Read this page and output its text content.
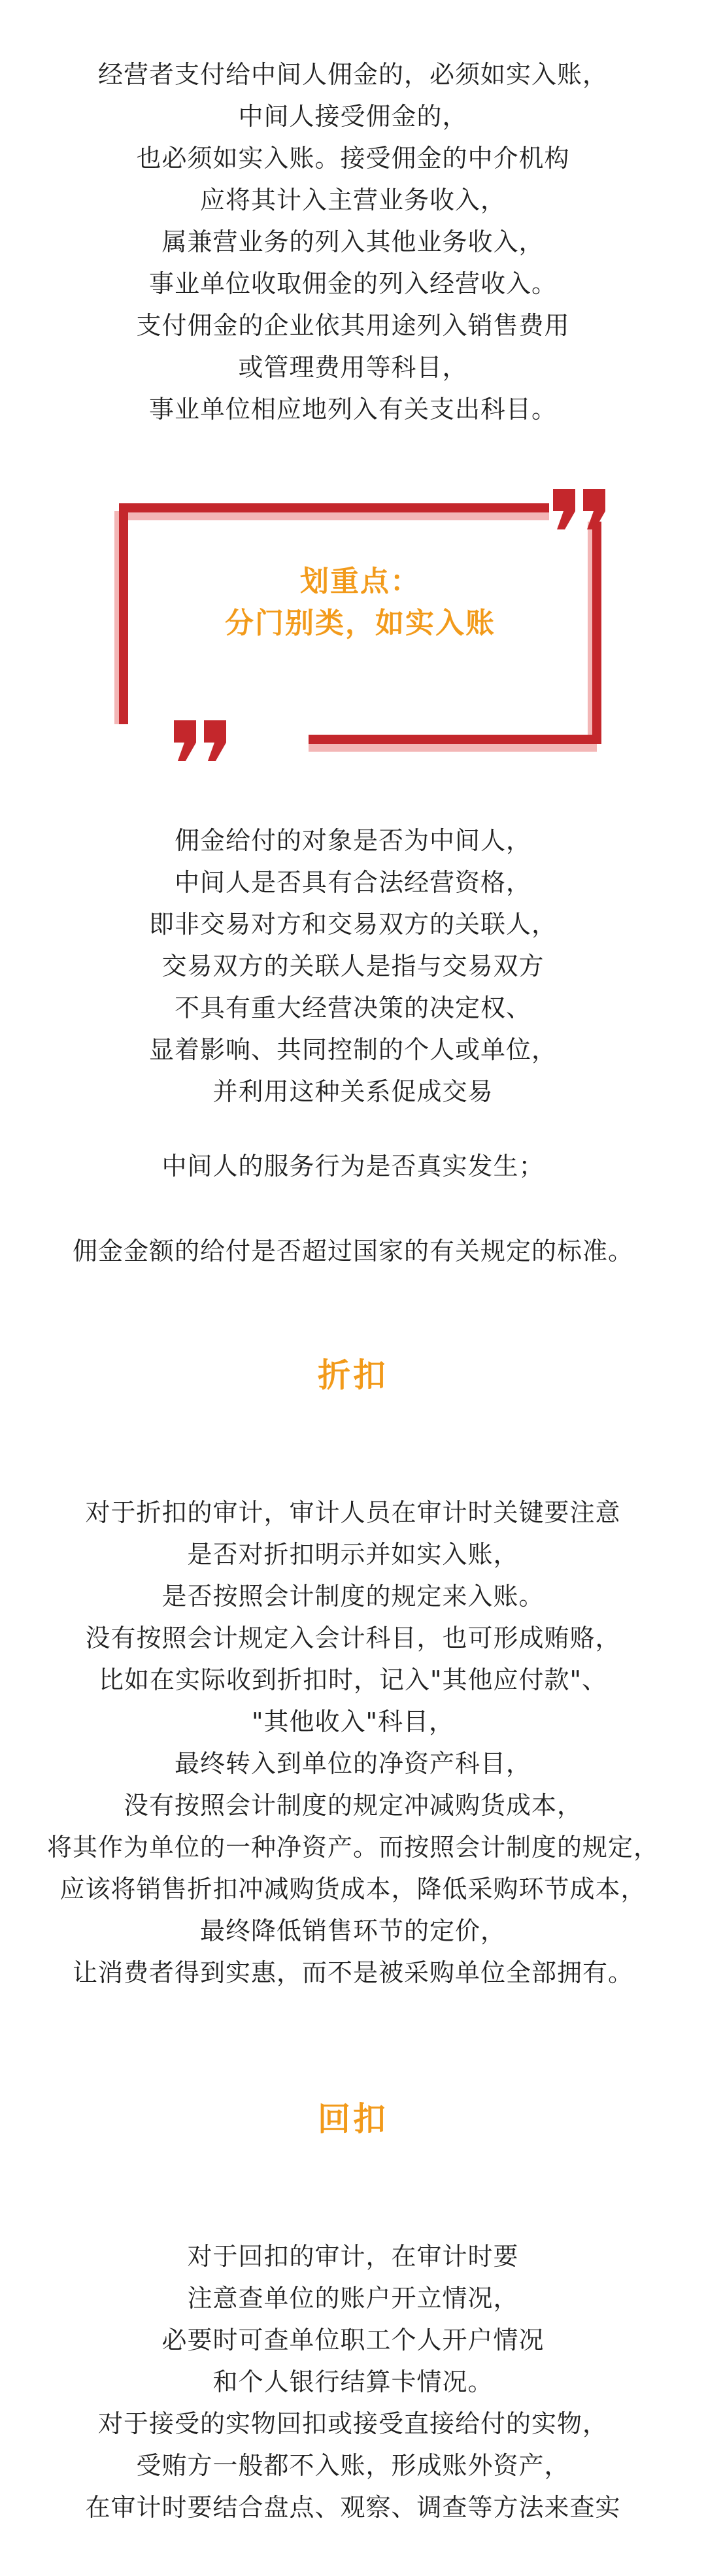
经营者支付给中间人佣金的，必须如实入账，
中间人接受佣金的，
也必须如实入账。接受佣金的中介机构
应将其计入主营业务收入，
属兼营业务的列入其他业务收入，
事业单位收取佣金的列入经营收入。
支付佣金的企业依其用途列入销售费用
或管理费用等科目，
事业单位相应地列入有关支出科目。
划重点：
分门别类，如实入账
佣金给付的对象是否为中间人，
中间人是否具有合法经营资格，
即非交易对方和交易双方的关联人，
交易双方的关联人是指与交易双方
不具有重大经营决策的决定权、
显着影响、共同控制的个人或单位，
并利用这种关系促成交易
中间人的服务行为是否真实发生；
佣金金额的给付是否超过国家的有关规定的标准。
折扣
对于折扣的审计，审计人员在审计时关键要注意
是否对折扣明示并如实入账，
是否按照会计制度的规定来入账。
没有按照会计规定入会计科目，也可形成贿赂，
比如在实际收到折扣时，记入"其他应付款"、
"其他收入"科目，
最终转入到单位的净资产科目，
没有按照会计制度的规定冲减购货成本，
将其作为单位的一种净资产。而按照会计制度的规定，
应该将销售折扣冲减购货成本，降低采购环节成本，
最终降低销售环节的定价，
让消费者得到实惠，而不是被采购单位全部拥有。
回扣
对于回扣的审计，在审计时要
注意查单位的账户开立情况，
必要时可查单位职工个人开户情况
和个人银行结算卡情况。
对于接受的实物回扣或接受直接给付的实物，
受贿方一般都不入账，形成账外资产，
在审计时要结合盘点、观察、调查等方法来查实
